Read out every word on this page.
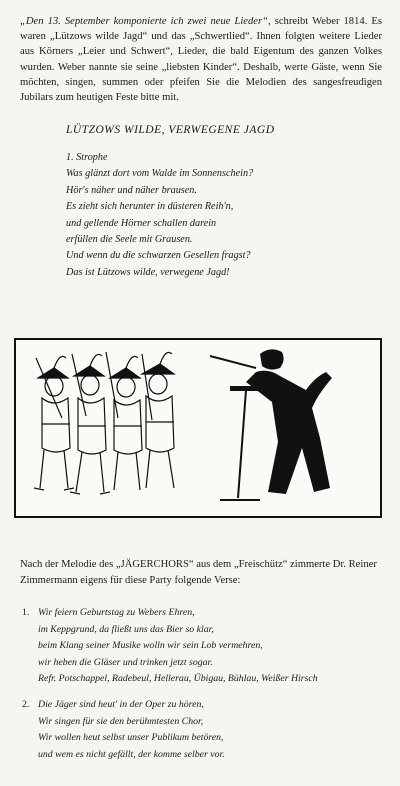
„Den 13. September komponierte ich zwei neue Lieder“, schreibt Weber 1814. Es waren „Lützows wilde Jagd“ und das „Schwertlied“. Ihnen folgten weitere Lieder aus Körners „Leier und Schwert“, Lieder, die bald Eigentum des ganzen Volkes wurden. Weber nannte sie seine „liebsten Kinder“. Deshalb, werte Gäste, wenn Sie möchten, singen, summen oder pfeifen Sie die Melodien des sangesfreudigen Jubilars zum heutigen Feste bitte mit.
LÜTZOWS WILDE, VERWEGENE JAGD
1. Strophe
Was glänzt dort vom Walde im Sonnenschein?
Hör's näher und näher brausen.
Es zieht sich herunter in düsteren Reih'n,
und gellende Hörner schallen darein
erfüllen die Seele mit Grausen.
Und wenn du die schwarzen Gesellen fragst?
Das ist Lützows wilde, verwegene Jagd!
Nach der Melodie des „JÄGERCHORS“ aus dem „Freischütz“ zimmerte Dr. Reiner Zimmermann eigens für diese Party folgende Verse:
1. Wir feiern Geburtstag zu Webers Ehren,
im Keppgrund, da fließt uns das Bier so klar,
beim Klang seiner Musike wolln wir sein Lob vermehren,
wir heben die Gläser und trinken jetzt sogar.
Refr. Potschappel, Radebeul, Hellerau, Übigau, Bühlau, Weißer Hirsch
2. Die Jäger sind heut' in der Oper zu hören,
Wir singen für sie den berühmtesten Chor,
Wir wollen heut selbst unser Publikum betören,
und wem es nicht gefällt, der komme selber vor.
